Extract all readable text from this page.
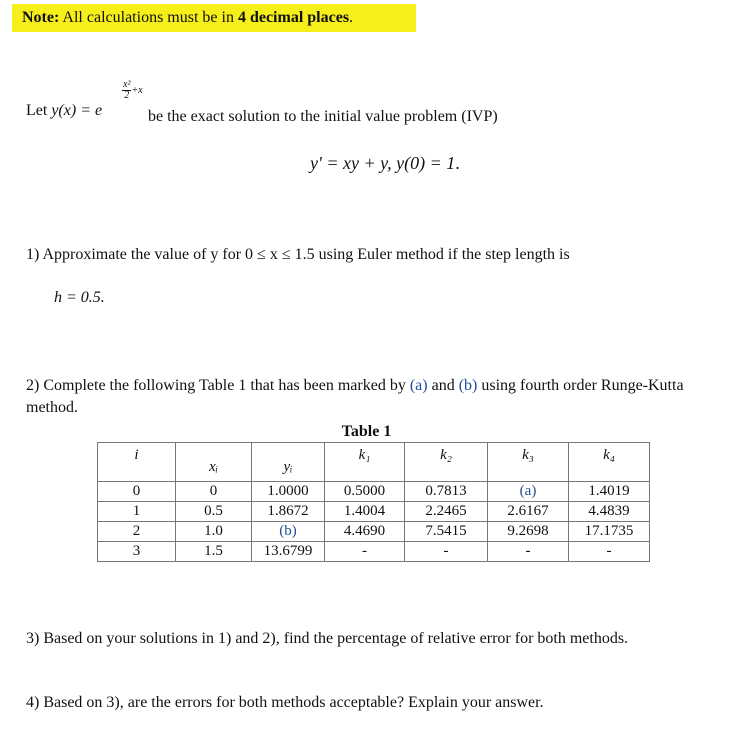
Note: All calculations must be in 4 decimal places.
Let y(x) = e
$\frac{\text{x²}}{2} +x$
be the exact solution to the initial value problem (IVP)
y' = xy + y, y(0) = 1.
1) Approximate the value of y for 0 ≤ x ≤ 1.5 using Euler method if the step length is
h = 0.5.
2) Complete the following Table 1 that has been marked by (a) and (b) using fourth order Runge-Kutta method.
Table 1
i	xᵢ	yᵢ	k₁	k₂	k₃	k₄

0	0	1.0000	0.5000	0.7813	(a)	1.4019
1	0.5	1.8672	1.4004	2.2465	2.6167	4.4839
2	1.0	(b)	4.4690	7.5415	9.2698	17.1735
3	1.5	13.6799	-	-	-	-
3) Based on your solutions in 1) and 2), find the percentage of relative error for both methods.
4) Based on 3), are the errors for both methods acceptable? Explain your answer.
